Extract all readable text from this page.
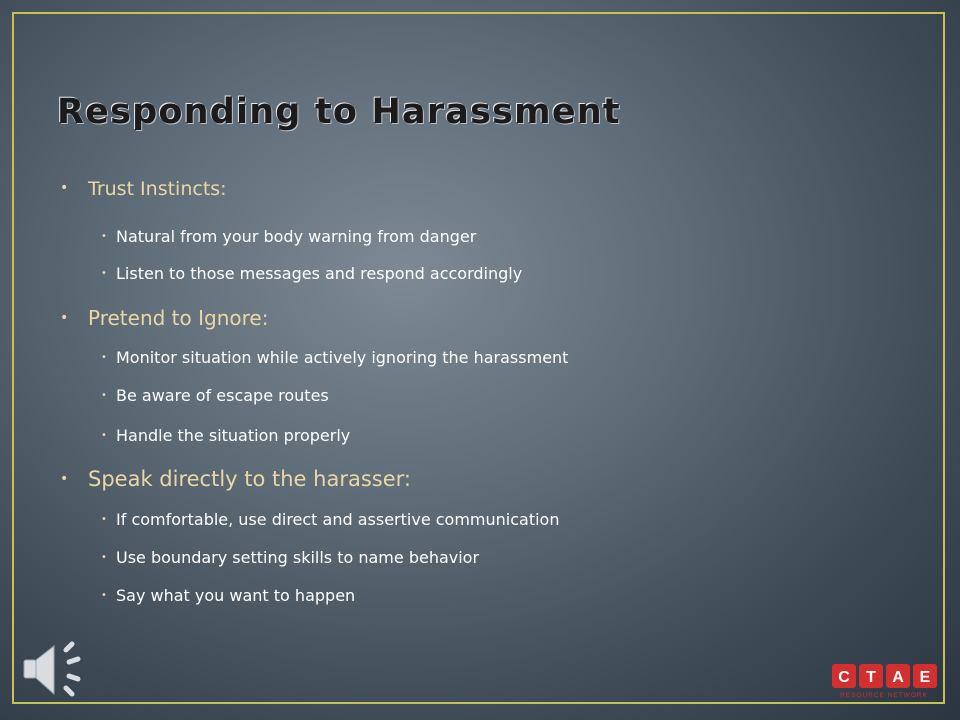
Responding to Harassment
• Trust Instincts:
• Natural from your body warning from danger
• Listen to those messages and respond accordingly
• Pretend to Ignore:
• Monitor situation while actively ignoring the harassment
• Be aware of escape routes
• Handle the situation properly
• Speak directly to the harasser:
• If comfortable, use direct and assertive communication
• Use boundary setting skills to name behavior
• Say what you want to happen
C T A E
RESOURCE NETWORK
